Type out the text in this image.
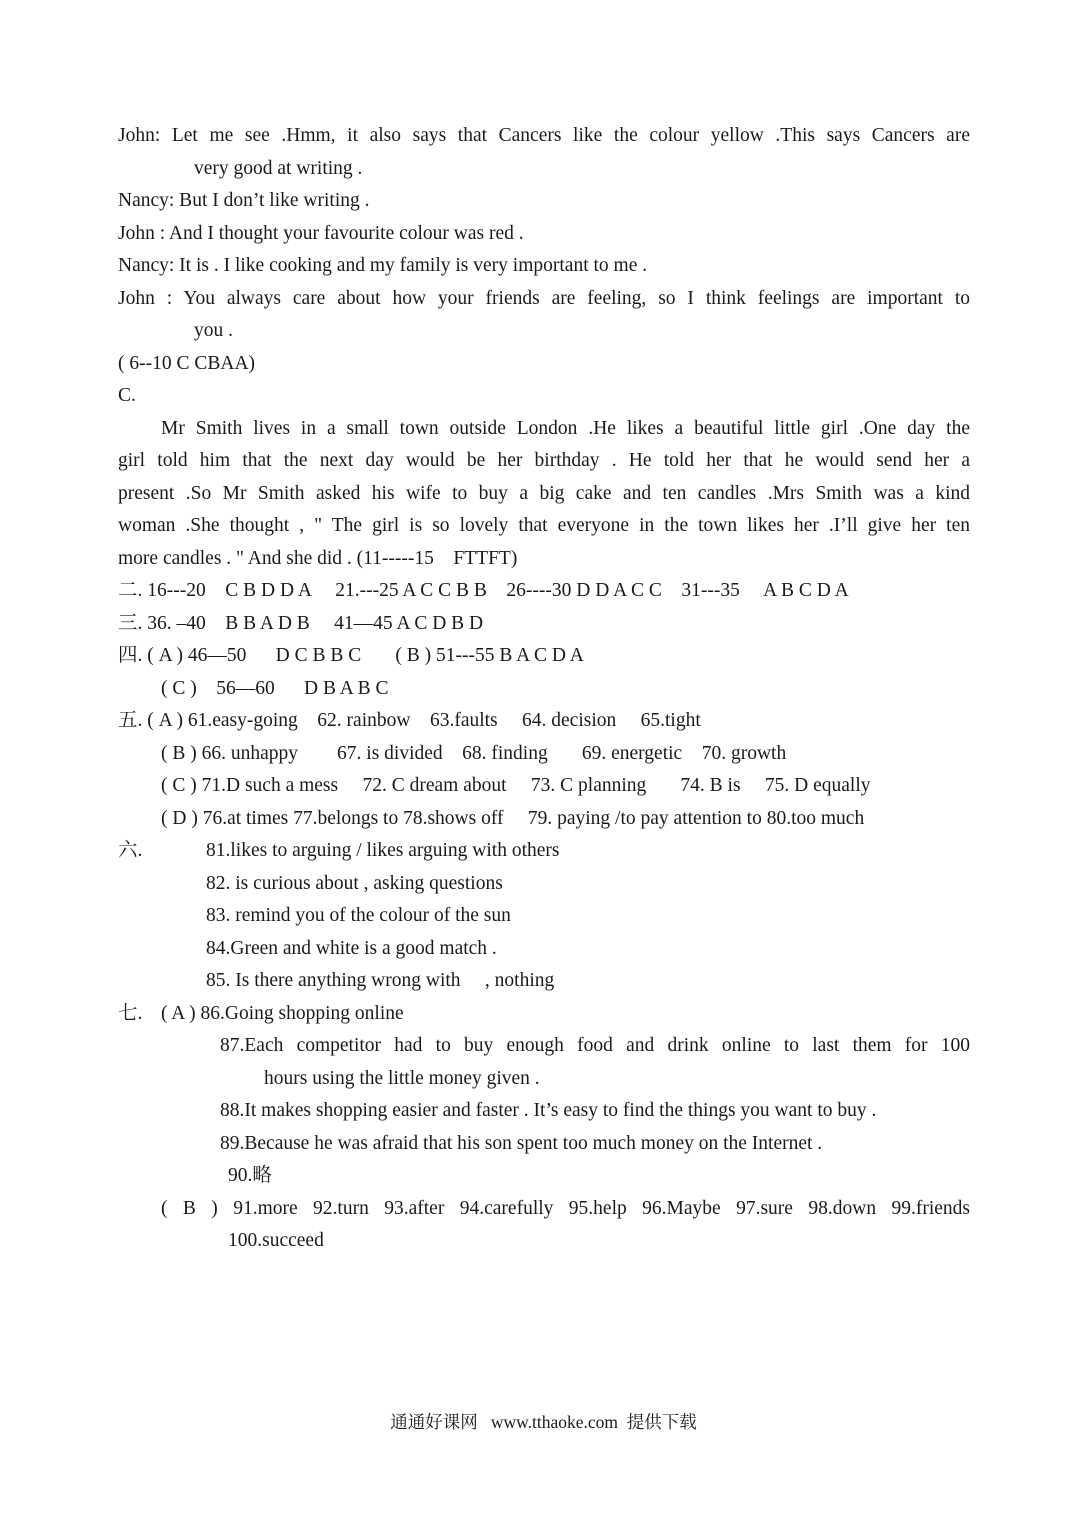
John: Let me see .Hmm, it also says that Cancers like the colour yellow .This says Cancers are
very good at writing .
Nancy: But I don’t like writing .
John : And I thought your favourite colour was red .
Nancy: It is . I like cooking and my family is very important to me .
John : You always care about how your friends are feeling, so I think feelings are important to
you .
( 6--10 C CBAA)
C.
Mr Smith lives in a small town outside London .He likes a beautiful little girl .One day the
girl told him that the next day would be her birthday . He told her that he would send her a
present .So Mr Smith asked his wife to buy a big cake and ten candles .Mrs Smith was a kind
woman .She thought , " The girl is so lovely that everyone in the town likes her .I’ll give her ten
more candles . " And she did . (11-----15    FTTFT)
二. 16---20    C B D D A     21.---25 A C C B B    26----30 D D A C C    31---35     A B C D A
三. 36. –40    B B A D B     41—45 A C D B D
四. ( A ) 46—50      D C B B C       ( B ) 51---55 B A C D A
( C )    56—60      D B A B C
五. ( A ) 61.easy-going    62. rainbow    63.faults     64. decision     65.tight
( B ) 66. unhappy        67. is divided    68. finding       69. energetic    70. growth
( C ) 71.D such a mess     72. C dream about     73. C planning       74. B is     75. D equally
( D ) 76.at times 77.belongs to 78.shows off     79. paying /to pay attention to 80.too much
六.	81.likes to arguing / likes arguing with others
82. is curious about , asking questions
83. remind you of the colour of the sun
84.Green and white is a good match .
85. Is there anything wrong with     , nothing
七. ( A ) 86.Going shopping online
87.Each competitor had to buy enough food and drink online to last them for 100
hours using the little money given .
88.It makes shopping easier and faster . It’s easy to find the things you want to buy .
89.Because he was afraid that his son spent too much money on the Internet .
90.略
( B ) 91.more 92.turn 93.after 94.carefully 95.help 96.Maybe 97.sure 98.down 99.friends
100.succeed
通通好课网   www.tthaoke.com  提供下载
